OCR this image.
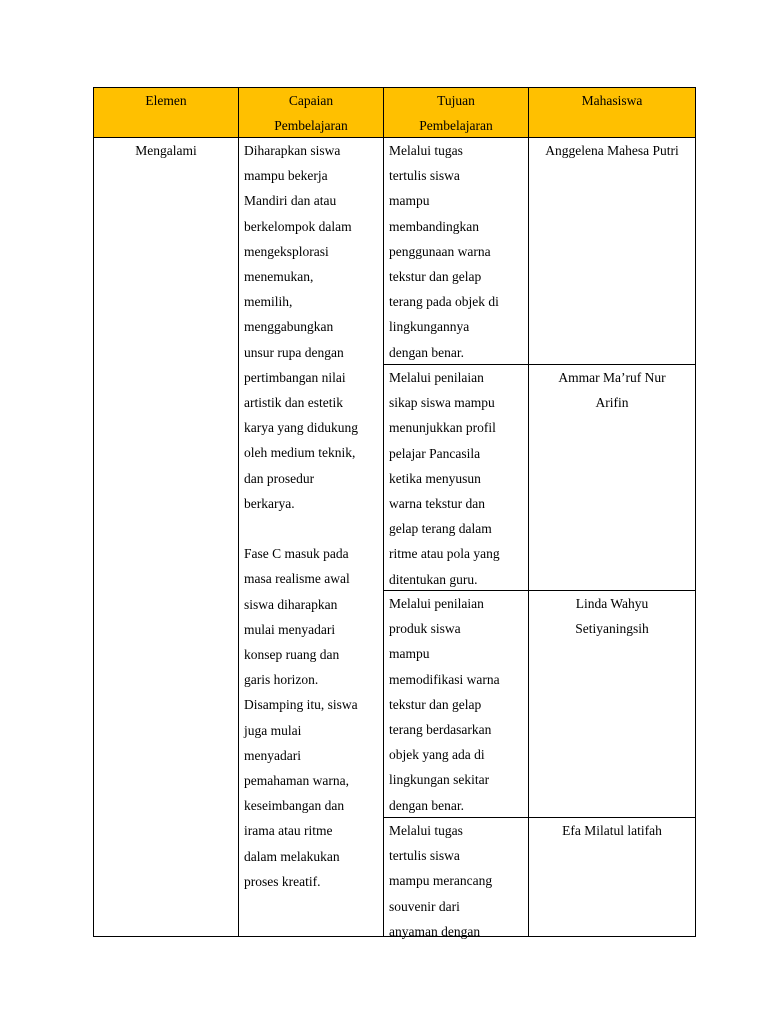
Elemen	Capaian
Pembelajaran
Tujuan
Pembelajaran
Mahasiswa
Mengalami	Diharapkan siswa
mampu bekerja
Mandiri dan atau
berkelompok dalam
mengeksplorasi
menemukan,
memilih,
menggabungkan
unsur rupa dengan
pertimbangan nilai
artistik dan estetik
karya yang didukung
oleh medium teknik,
dan prosedur
berkarya.

Fase C masuk pada
masa realisme awal
siswa diharapkan
mulai menyadari
konsep ruang dan
garis horizon.
Disamping itu, siswa
juga mulai
menyadari
pemahaman warna,
keseimbangan dan
irama atau ritme
dalam melakukan
proses kreatif.
Melalui tugas
tertulis siswa
mampu
membandingkan
penggunaan warna
tekstur dan gelap
terang pada objek di
lingkungannya
dengan benar.
Melalui penilaian
sikap siswa mampu
menunjukkan profil
pelajar Pancasila
ketika menyusun
warna tekstur dan
gelap terang dalam
ritme atau pola yang
ditentukan guru.
Melalui penilaian
produk siswa
mampu
memodifikasi warna
tekstur dan gelap
terang berdasarkan
objek yang ada di
lingkungan sekitar
dengan benar.
Melalui tugas
tertulis siswa
mampu merancang
souvenir dari
anyaman dengan
Anggelena Mahesa Putri
Ammar Ma’ruf Nur
Arifin
Linda Wahyu
Setiyaningsih
Efa Milatul latifah
